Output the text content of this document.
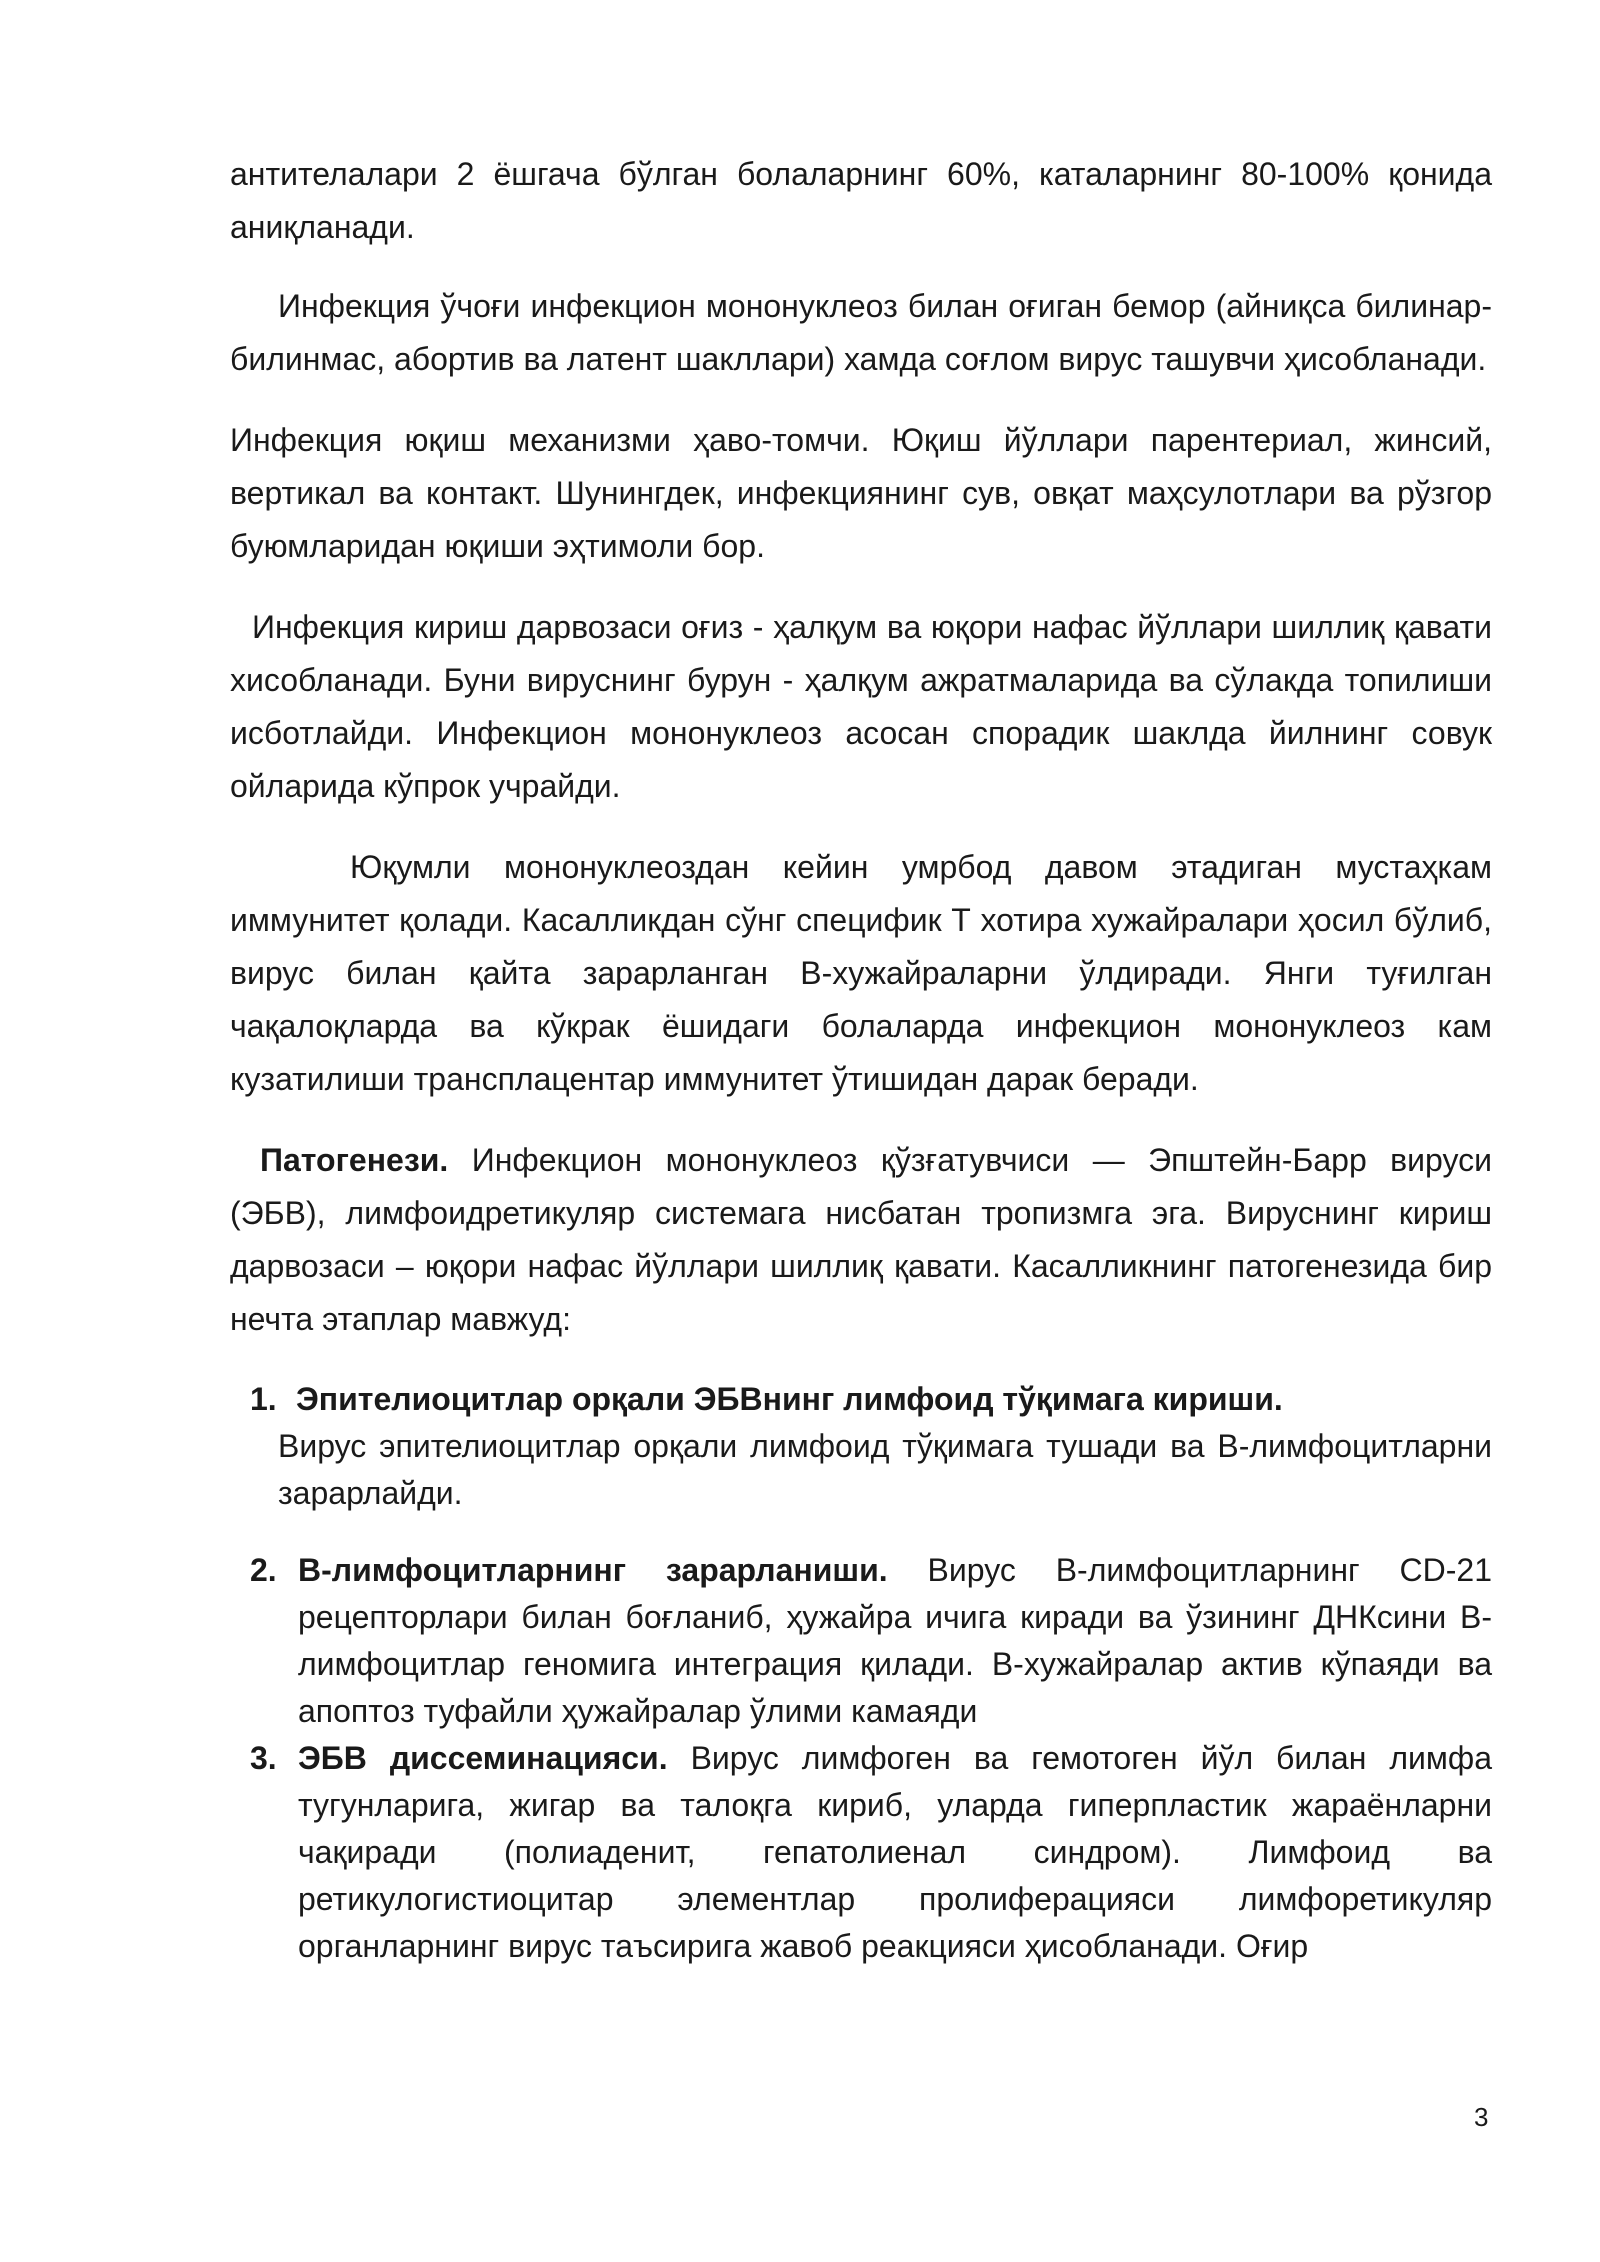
антителалари 2 ёшгача бўлган болаларнинг 60%, каталарнинг 80-100% қонида аниқланади.

Инфекция ўчоғи инфекцион мононуклеоз билан оғиган бемор (айниқса билинар-билинмас, абортив ва латент шакллари) хамда соғлом вирус ташувчи ҳисобланади.

Инфекция юқиш механизми ҳаво-томчи. Юқиш йўллари парентериал, жинсий, вертикал ва контакт. Шунингдек, инфекциянинг сув, овқат маҳсулотлари ва рўзгор буюмларидан юқиши эҳтимоли бор.

Инфекция кириш дарвозаси оғиз - ҳалқум ва юқори нафас йўллари шиллиқ қавати хисобланади. Буни вируснинг бурун - ҳалқум ажратмаларида ва сўлакда топилиши исботлайди. Инфекцион мононуклеоз асосан спорадик шаклда йилнинг совук ойларида кўпрок учрайди.

Юқумли мононуклеоздан кейин умрбод давом этадиган мустаҳкам иммунитет қолади. Касалликдан сўнг специфик Т хотира хужайралари ҳосил бўлиб, вирус билан қайта зарарланган В-хужайраларни ўлдиради. Янги туғилган чақалоқларда ва кўкрак ёшидаги болаларда инфекцион мононуклеоз кам кузатилиши трансплацентар иммунитет ўтишидан дарак беради.

Патогенези. Инфекцион мононуклеоз қўзғатувчиси — Эпштейн-Барр вируси (ЭБВ), лимфоидретикуляр системага нисбатан тропизмга эга. Вируснинг кириш дарвозаси – юқори нафас йўллари шиллиқ қавати. Касалликнинг патогенезида бир нечта этаплар мавжуд:

1. Эпителиоцитлар орқали ЭБВнинг лимфоид тўқимага кириши.
Вирус эпителиоцитлар орқали лимфоид тўқимага тушади ва В-лимфоцитларни зарарлайди.
2. В-лимфоцитларнинг зарарланиши. Вирус В-лимфоцитларнинг CD-21 рецепторлари билан боғланиб, ҳужайра ичига киради ва ўзининг ДНКсини В-лимфоцитлар геномига интеграция қилади. В-хужайралар актив кўпаяди ва апоптоз туфайли ҳужайралар ўлими камаяди
3. ЭБВ диссеминацияси. Вирус лимфоген ва гемотоген йўл билан лимфа тугунларига, жигар ва талоқга кириб, уларда гиперпластик жараёнларни чақиради (полиаденит, гепатолиенал синдром). Лимфоид ва ретикулогистиоцитар элементлар пролиферацияси лимфоретикуляр органларнинг вирус таъсирига жавоб реакцияси ҳисобланади. Оғир
3
